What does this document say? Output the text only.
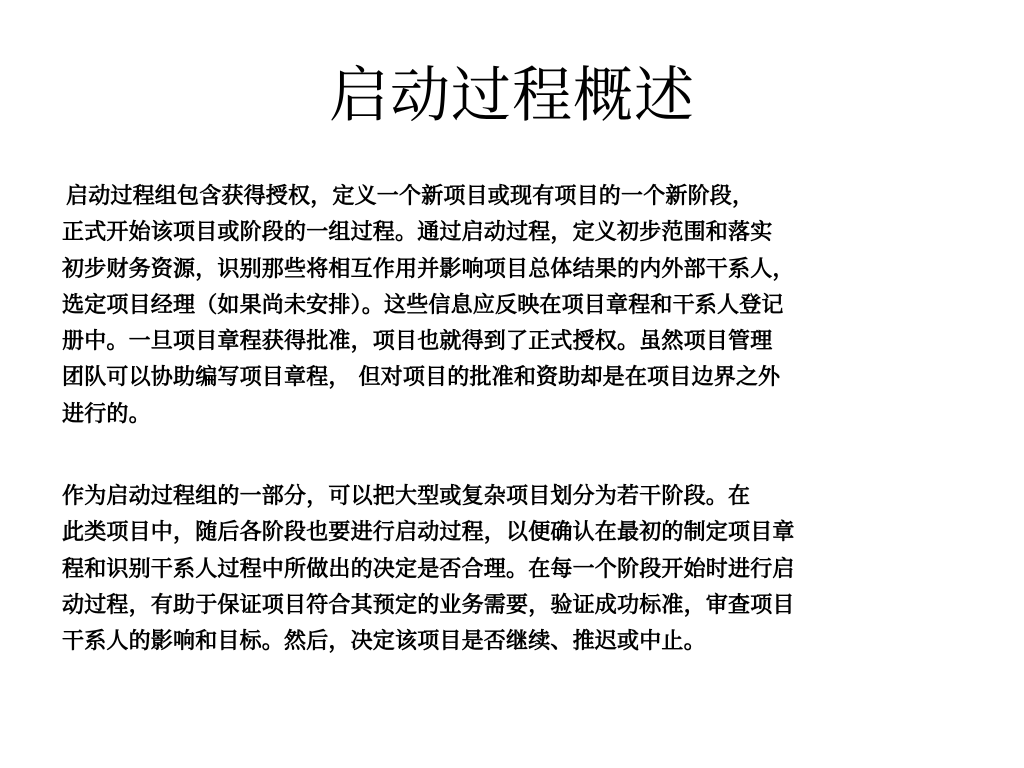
启动过程概述
启动过程组包含获得授权，定义一个新项目或现有项目的一个新阶段，
正式开始该项目或阶段的一组过程。通过启动过程，定义初步范围和落实
初步财务资源，识别那些将相互作用并影响项目总体结果的内外部干系人，
选定项目经理（如果尚未安排）。这些信息应反映在项目章程和干系人登记
册中。一旦项目章程获得批准，项目也就得到了正式授权。虽然项目管理
团队可以协助编写项目章程， 但对项目的批准和资助却是在项目边界之外
进行的。
作为启动过程组的一部分，可以把大型或复杂项目划分为若干阶段。在
此类项目中，随后各阶段也要进行启动过程，以便确认在最初的制定项目章
程和识别干系人过程中所做出的决定是否合理。在每一个阶段开始时进行启
动过程，有助于保证项目符合其预定的业务需要，验证成功标准，审查项目
干系人的影响和目标。然后，决定该项目是否继续、推迟或中止。
